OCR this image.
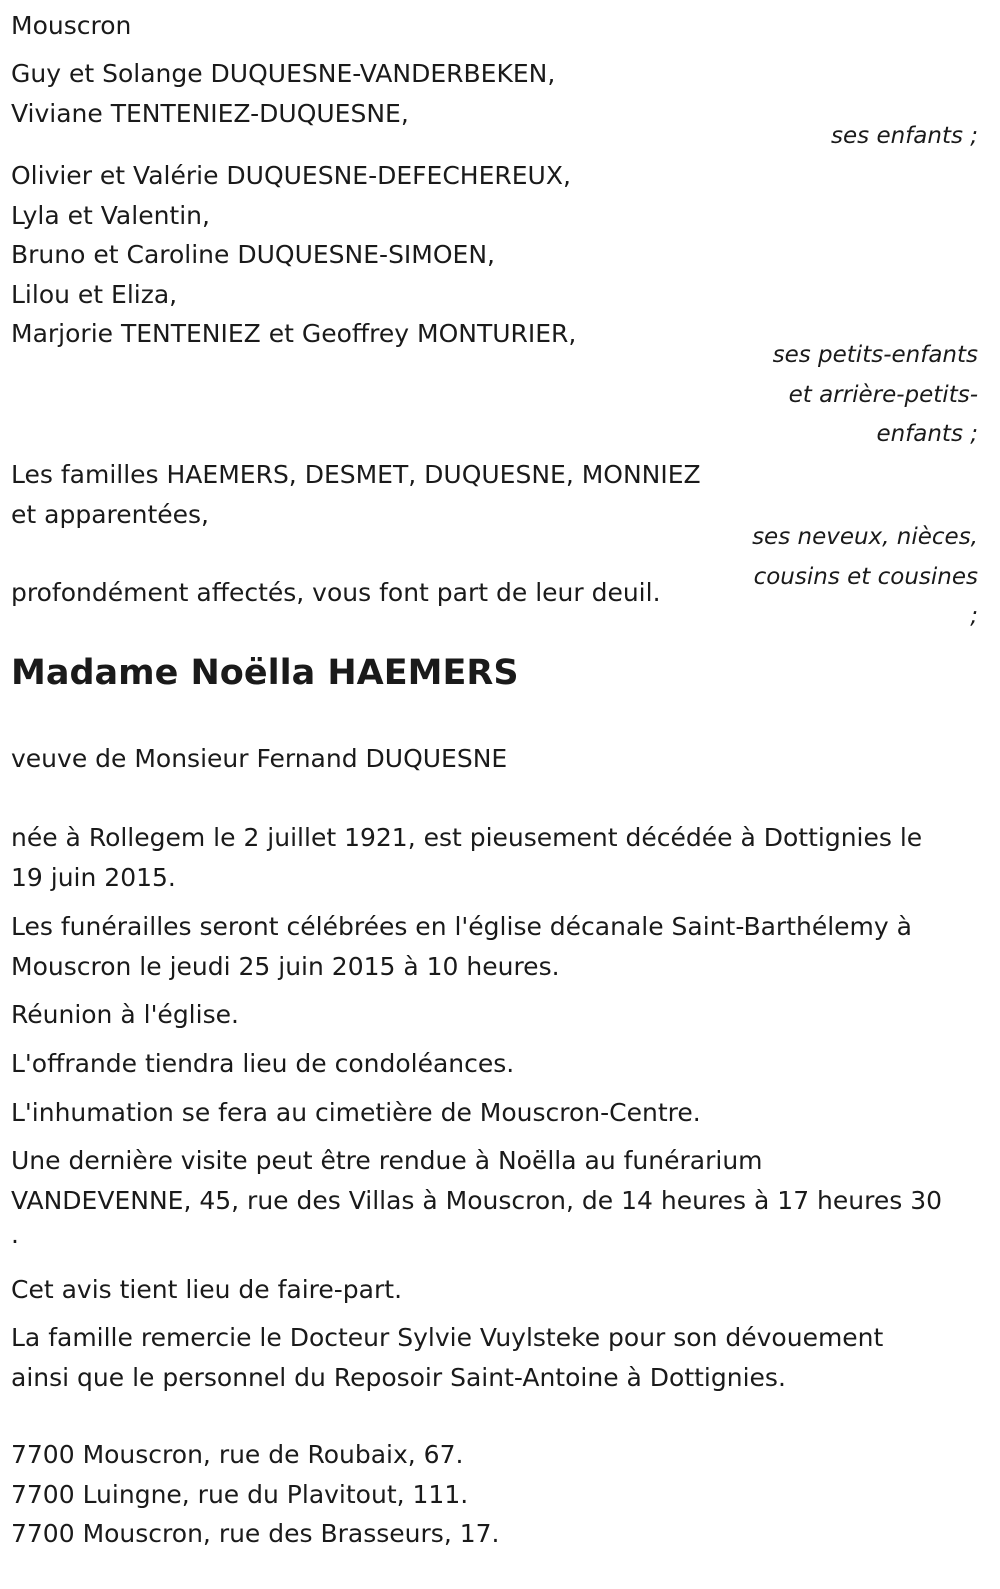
Mouscron
Guy et Solange DUQUESNE-VANDERBEKEN,
Viviane TENTENIEZ-DUQUESNE,
ses enfants ;
Olivier et Valérie DUQUESNE-DEFECHEREUX,
Lyla et Valentin,
Bruno et Caroline DUQUESNE-SIMOEN,
Lilou et Eliza,
Marjorie TENTENIEZ et Geoffrey MONTURIER,
ses petits-enfants
et arrière-petits-
enfants ;
Les familles HAEMERS, DESMET, DUQUESNE, MONNIEZ
et apparentées,
ses neveux, nièces,
cousins et cousines
;
profondément affectés, vous font part de leur deuil.
Madame Noëlla HAEMERS
veuve de Monsieur Fernand DUQUESNE
née à Rollegem le 2 juillet 1921, est pieusement décédée à Dottignies le
19 juin 2015.
Les funérailles seront célébrées en l'église décanale Saint-Barthélemy à
Mouscron le jeudi 25 juin 2015 à 10 heures.
Réunion à l'église.
L'offrande tiendra lieu de condoléances.
L'inhumation se fera au cimetière de Mouscron-Centre.
Une dernière visite peut être rendue à Noëlla au funérarium
VANDEVENNE, 45, rue des Villas à Mouscron, de 14 heures à 17 heures 30
.
Cet avis tient lieu de faire-part.
La famille remercie le Docteur Sylvie Vuylsteke pour son dévouement
ainsi que le personnel du Reposoir Saint-Antoine à Dottignies.
7700 Mouscron, rue de Roubaix, 67.
7700 Luingne, rue du Plavitout, 111.
7700 Mouscron, rue des Brasseurs, 17.
